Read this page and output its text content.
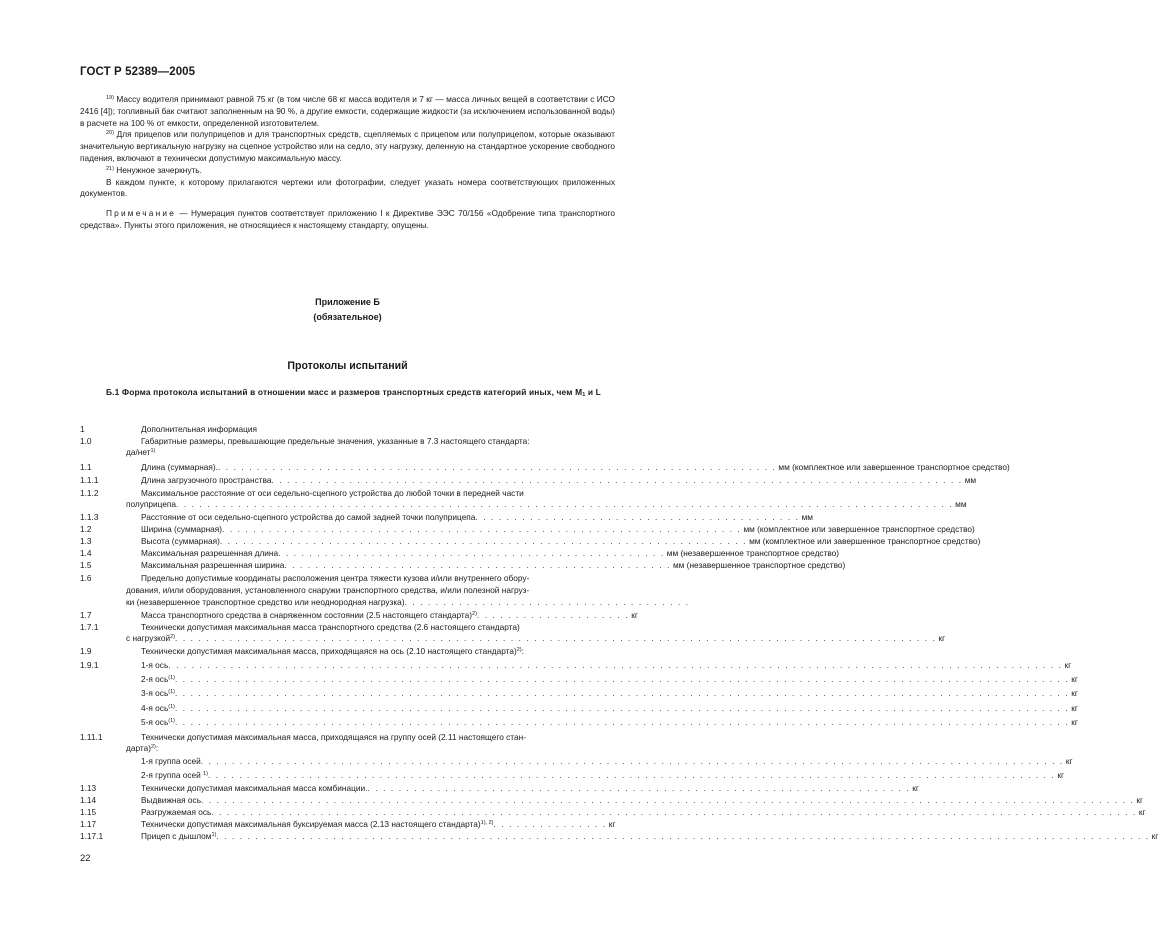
ГОСТ Р 52389—2005

$^{19)}$ Массу водителя принимают равной 75 кг (в том числе 68 кг масса водителя и 7 кг — масса личных вещей в соответствии с ИСО 2416 [4]); топливный бак считают заполненным на 90 %, а другие емкости, содержащие жидкости (за исключением использованной воды) в расчете на 100 % от емкости, определенной изготовителем.

$^{20)}$ Для прицепов или полуприцепов и для транспортных средств, сцепляемых с прицепом или полуприцепом, которые оказывают значительную вертикальную нагрузку на сцепное устройство или на седло, эту нагрузку, деленную на стандартное ускорение свободного падения, включают в технически допустимую максимальную массу.

$^{21)}$ Ненужное зачеркнуть.

В каждом пункте, к которому прилагаются чертежи или фотографии, следует указать номера соответствующих приложенных документов.

Примечание — Нумерация пунктов соответствует приложению I к Директиве ЭЭС 70/156 «Одобрение типа транспортного средства». Пункты этого приложения, не относящиеся к настоящему стандарту, опущены.

Приложение Б
(обязательное)
Протоколы испытаний
Б.1 Форма протокола испытаний в отношении масс и размеров транспортных средств категорий иных, чем $M_1$ и L
1	Дополнительная информация
1.0	Габаритные размеры, превышающие предельные значения, указанные в 7.3 настоящего стандарта:
да/нет$^{1)}$
1.1	Длина (суммарная). . . . . . . . . . . . . . . . . . . . . . . . . . . . . . . . . . . . . . . . . . . . . . . . . . . . . . . . . . . . . . . . . . . . . . . . . мм (комплектное или завершенное транспортное средство)
1.1.1	Длина загрузочного пространства . . . . . . . . . . . . . . . . . . . . . . . . . . . . . . . . . . . . . . . . . . . . . . . . . . . . . . . . . . . . . . . . . . . . . . . . . . . . . . . . . . . . . . . . . мм
1.1.2	Максимальное расстояние от оси седельно-сцепного устройства до любой точки в передней части
полуприцепа . . . . . . . . . . . . . . . . . . . . . . . . . . . . . . . . . . . . . . . . . . . . . . . . . . . . . . . . . . . . . . . . . . . . . . . . . . . . . . . . . . . . . . . . . . . . . . . . . . . . мм
1.1.3	Расстояние от оси седельно-сцепного устройства до самой задней точки полуприцепа . . . . . . . . . . . . . . . . . . . . . . . . . . . . . . . . . . . . . . . . . . мм
1.2	Ширина (суммарная) . . . . . . . . . . . . . . . . . . . . . . . . . . . . . . . . . . . . . . . . . . . . . . . . . . . . . . . . . . . . . . . . . . . мм (комплектное или завершенное транспортное средство)
1.3	Высота (суммарная) . . . . . . . . . . . . . . . . . . . . . . . . . . . . . . . . . . . . . . . . . . . . . . . . . . . . . . . . . . . . . . . . . . . . мм (комплектное или завершенное транспортное средство)
1.4	Максимальная разрешенная длина . . . . . . . . . . . . . . . . . . . . . . . . . . . . . . . . . . . . . . . . . . . . . . . . . . мм (незавершенное транспортное средство)
1.5	Максимальная разрешенная ширина . . . . . . . . . . . . . . . . . . . . . . . . . . . . . . . . . . . . . . . . . . . . . . . . . . мм (незавершенное транспортное средство)
1.6	Предельно допустимые координаты расположения центра тяжести кузова и/или внутреннего обору-
дования, и/или оборудования, установленного снаружи транспортного средства, и/или полезной нагруз-
ки (незавершенное транспортное средство или неоднородная нагрузка) . . . . . . . . . . . . . . . . . . . . . . . . . . . . . . . . . . . . .
1.7	Масса транспортного средства в снаряженном состоянии (2.5 настоящего стандарта)$^{2)}$ . . . . . . . . . . . . . . . . . . . . кг
1.7.1	Технически допустимая максимальная масса транспортного средства (2.6 настоящего стандарта)
с нагрузкой$^{2)}$ . . . . . . . . . . . . . . . . . . . . . . . . . . . . . . . . . . . . . . . . . . . . . . . . . . . . . . . . . . . . . . . . . . . . . . . . . . . . . . . . . . . . . . . . . . . . . . . . . . кг
1.9	Технически допустимая максимальная масса, приходящаяся на ось (2.10 настоящего стандарта)$^{2)}$:
1.9.1	1-я ось . . . . . . . . . . . . . . . . . . . . . . . . . . . . . . . . . . . . . . . . . . . . . . . . . . . . . . . . . . . . . . . . . . . . . . . . . . . . . . . . . . . . . . . . . . . . . . . . . . . . . . . . . . . . . . . . . . . кг
2-я ось$^{(1)}$ . . . . . . . . . . . . . . . . . . . . . . . . . . . . . . . . . . . . . . . . . . . . . . . . . . . . . . . . . . . . . . . . . . . . . . . . . . . . . . . . . . . . . . . . . . . . . . . . . . . . . . . . . . . . . . . . . . . кг
3-я ось$^{(1)}$ . . . . . . . . . . . . . . . . . . . . . . . . . . . . . . . . . . . . . . . . . . . . . . . . . . . . . . . . . . . . . . . . . . . . . . . . . . . . . . . . . . . . . . . . . . . . . . . . . . . . . . . . . . . . . . . . . . . кг
4-я ось$^{(1)}$ . . . . . . . . . . . . . . . . . . . . . . . . . . . . . . . . . . . . . . . . . . . . . . . . . . . . . . . . . . . . . . . . . . . . . . . . . . . . . . . . . . . . . . . . . . . . . . . . . . . . . . . . . . . . . . . . . . . кг
5-я ось$^{(1)}$ . . . . . . . . . . . . . . . . . . . . . . . . . . . . . . . . . . . . . . . . . . . . . . . . . . . . . . . . . . . . . . . . . . . . . . . . . . . . . . . . . . . . . . . . . . . . . . . . . . . . . . . . . . . . . . . . . . . кг
1.11.1	Технически допустимая максимальная масса, приходящаяся на группу осей (2.11 настоящего стан-
дарта)$^{2)}$:
1-я группа осей . . . . . . . . . . . . . . . . . . . . . . . . . . . . . . . . . . . . . . . . . . . . . . . . . . . . . . . . . . . . . . . . . . . . . . . . . . . . . . . . . . . . . . . . . . . . . . . . . . . . . . . . . . . . . . . кг
2-я группа осей $^{1)}$ . . . . . . . . . . . . . . . . . . . . . . . . . . . . . . . . . . . . . . . . . . . . . . . . . . . . . . . . . . . . . . . . . . . . . . . . . . . . . . . . . . . . . . . . . . . . . . . . . . . . . . . . . . . . . кг
1.13	Технически допустимая максимальная масса комбинации. . . . . . . . . . . . . . . . . . . . . . . . . . . . . . . . . . . . . . . . . . . . . . . . . . . . . . . . . . . . . . . . . . . . . . . кг
1.14	Выдвижная ось . . . . . . . . . . . . . . . . . . . . . . . . . . . . . . . . . . . . . . . . . . . . . . . . . . . . . . . . . . . . . . . . . . . . . . . . . . . . . . . . . . . . . . . . . . . . . . . . . . . . . . . . . . . . . . . . . . . . . . . . кг
1.15	Разгружаемая ось . . . . . . . . . . . . . . . . . . . . . . . . . . . . . . . . . . . . . . . . . . . . . . . . . . . . . . . . . . . . . . . . . . . . . . . . . . . . . . . . . . . . . . . . . . . . . . . . . . . . . . . . . . . . . . . . . . . . . . . кг
1.17	Технически допустимая максимальная буксируемая масса (2.13 настоящего стандарта)$^{1), 2)}$ . . . . . . . . . . . . . . . кг
1.17.1	Прицеп с дышлом$^{1)}$ . . . . . . . . . . . . . . . . . . . . . . . . . . . . . . . . . . . . . . . . . . . . . . . . . . . . . . . . . . . . . . . . . . . . . . . . . . . . . . . . . . . . . . . . . . . . . . . . . . . . . . . . . . . . . . . . . . . . . . . . кг
22
